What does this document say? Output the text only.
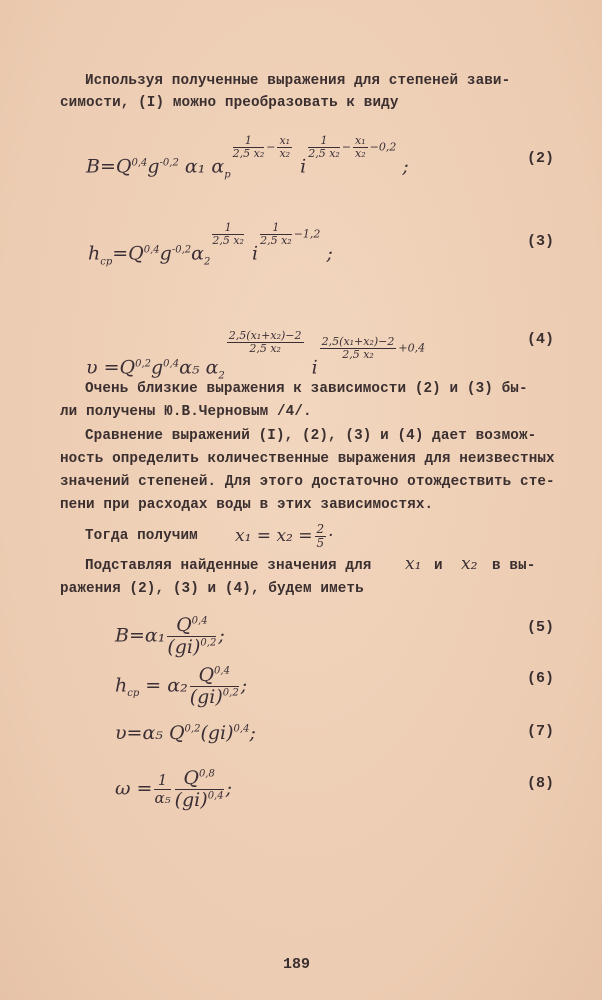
Используя полученные выражения для степеней зави-
симости, (I) можно преобразовать к виду
$B=Q^{0,4}g^{-0,2}$ α₁ $\alpha_p$
$\frac{1}{\text{2,5 x₂}} - \frac{\text{x₁}}{\text{x₂}}$
i
$\frac{1}{\text{2,5 x₂}} - \frac{\text{x₁}}{\text{x₂}} -0,2$ ;	(2)
$h_{cp}=Q^{0,4}g^{-0,2}\alpha_2$
$\frac{1}{\text{2,5 x₂}}$
i
$\frac{1}{\text{2,5 x₂}} -1,2$ ;
(3)
$\upsilon =Q^{0,2}g^{0,4}\alpha_5$ $\alpha_2$
$\frac{\text{2,5(x₁+x₂)−2}}{\text{2,5 x₂}}$
i
$\frac{\text{2,5(x₁+x₂)−2}}{\text{2,5 x₂}} +0,4$
(4)
Очень близкие выражения к зависимости (2) и (3) бы-
ли получены Ю.В.Черновым /4/.
Сравнение выражений (I), (2), (3) и (4) дает возмож-
ность определить количественные выражения для неизвестных
значений степеней. Для этого достаточно отождествить сте-
пени при расходах воды в этих зависимостях.
Тогда получим $x_1 = x_2 = \frac{2}{5}$ ·
Подставляя найденные значения для x₁ и x₂ в вы-
ражения (2), (3) и (4), будем иметь
$B=\alpha_1 \frac{Q^{0,4}}{(gi)^{0,2}}$ ;	(5)
$h_{cp} = \alpha_2 \frac{Q^{0,4}}{(gi)^{0,2}}$ ;	(6)
υ=α₅ Q$^{0,2}$(gi)$^{0,4}$;	(7)
$\omega = \frac{1}{\text{α₅}} \frac{Q^{0,8}}{(gi)^{0,4}}$ ;	(8)
189
